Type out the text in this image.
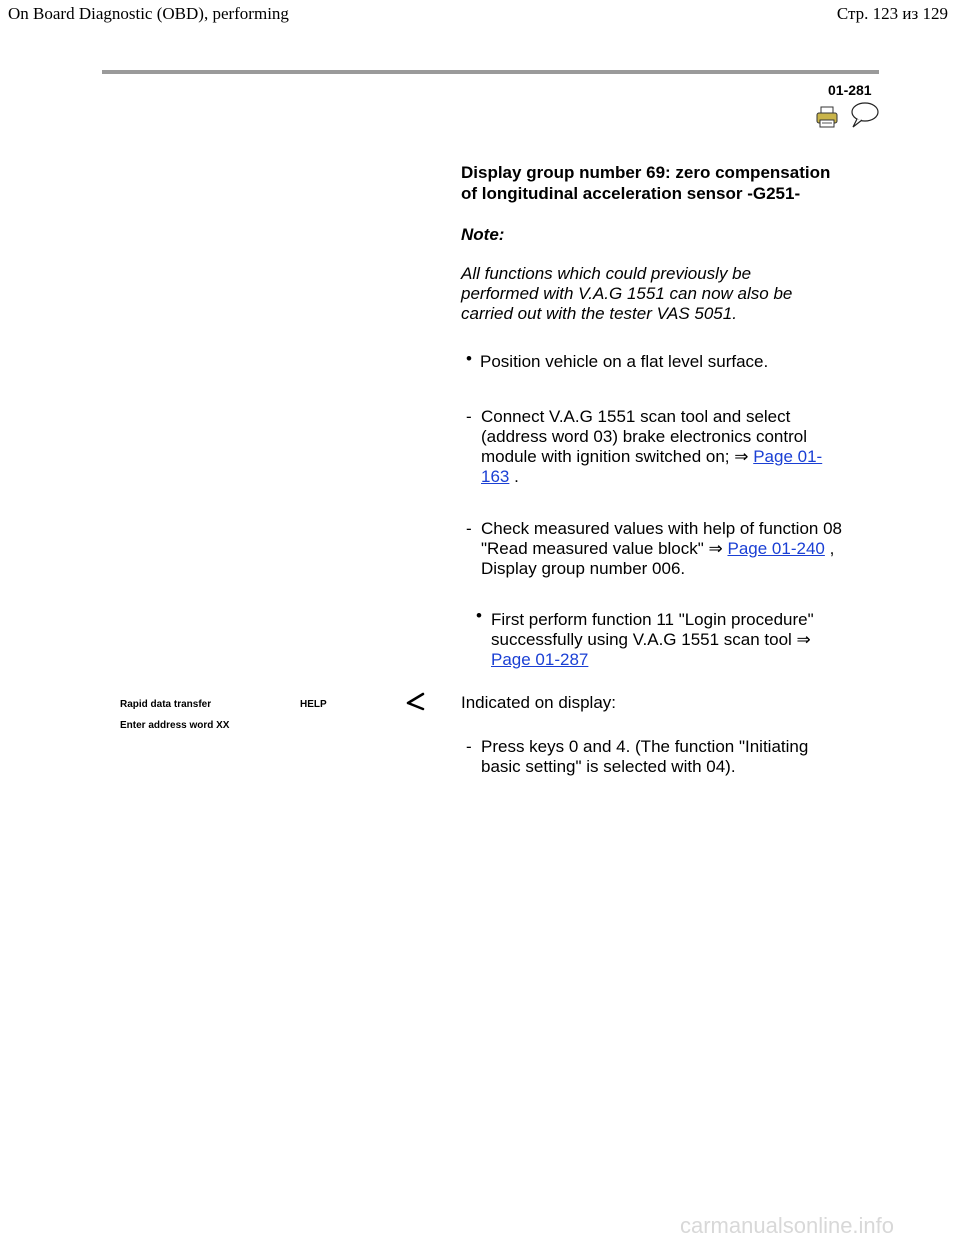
On Board Diagnostic (OBD), performing	Стр. 123 из 129
01-281
Display group number 69: zero compensation
of longitudinal acceleration sensor -G251-
Note:
All functions which could previously be
performed with V.A.G 1551 can now also be
carried out with the tester VAS 5051.
• Position vehicle on a flat level surface.
- Connect V.A.G 1551 scan tool and select
(address word 03) brake electronics control
module with ignition switched on; ⇒ Page 01-
163 .
- Check measured values with help of function 08
"Read measured value block" ⇒ Page 01-240 ,
Display group number 006.
• First perform function 11 "Login procedure"
successfully using V.A.G 1551 scan tool ⇒
Page 01-287
Rapid data transfer	HELP
Enter address word XX
Indicated on display:
- Press keys 0 and 4. (The function "Initiating
basic setting" is selected with 04).
carmanualsonline.info
